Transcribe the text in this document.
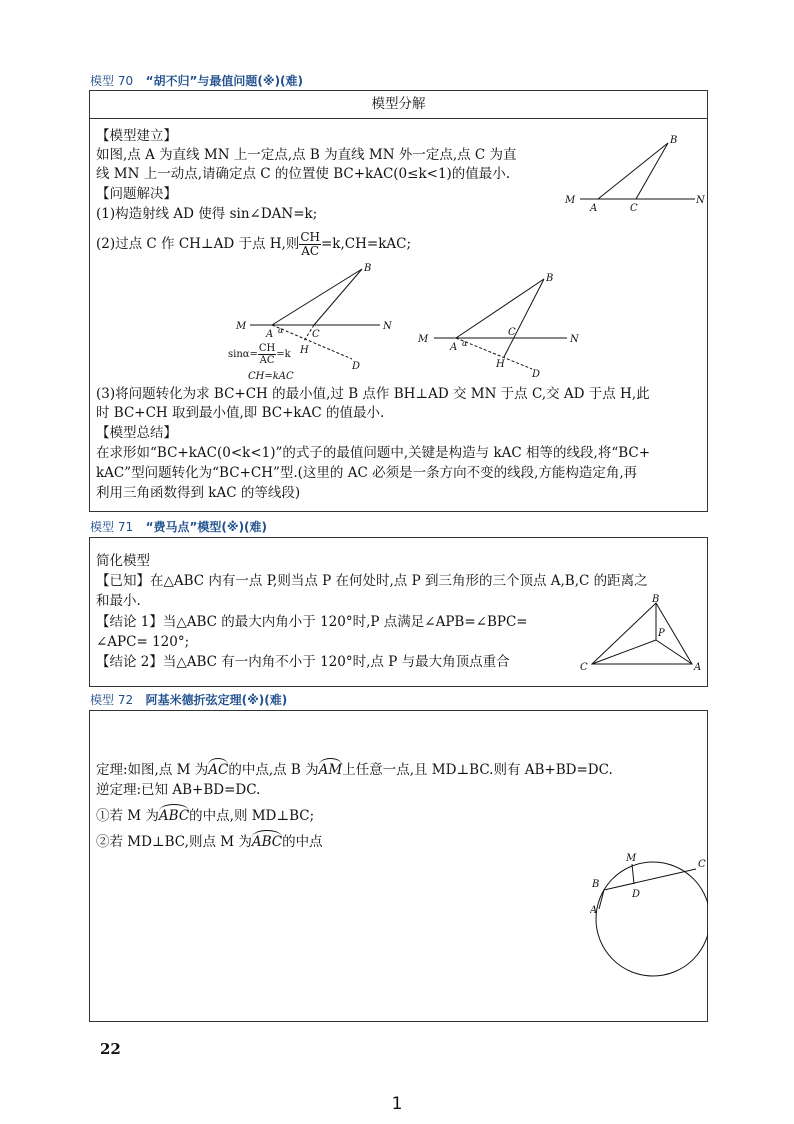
模型 70 “胡不归”与最值问题(※)(难)
模型分解
【模型建立】
如图,点 A 为直线 MN 上一定点,点 B 为直线 MN 外一定点,点 C 为直
线 MN 上一动点,请确定点 C 的位置使 BC+kAC(0≤k<1)的值最小.
【问题解决】
(1)构造射线 AD 使得 sin∠DAN=k;
(2)过点 C 作 CH⊥AD 于点 H,则 $\frac{CH}{AC} =k,CH=kAC$;
M	N
A	C
B
M	N
A α	C
H
D
B
$\sin\alpha= \frac{CH}{AC} =k$
CH=kAC
M	N
A α
C
H
D
B
(3)将问题转化为求 BC+CH 的最小值,过 B 点作 BH⊥AD 交 MN 于点 C,交 AD 于点 H,此
时 BC+CH 取到最小值,即 BC+kAC 的值最小.
【模型总结】
在求形如“BC+kAC(0<k<1)”的式子的最值问题中,关键是构造与 kAC 相等的线段,将“BC+
kAC”型问题转化为“BC+CH”型.(这里的 AC 必须是一条方向不变的线段,方能构造定角,再
利用三角函数得到 kAC 的等线段)
模型 71 “费马点”模型(※)(难)
简化模型
【已知】在△ABC 内有一点 P,则当点 P 在何处时,点 P 到三角形的三个顶点 A,B,C 的距离之
和最小.
【结论 1】当△ABC 的最大内角小于 120°时,P 点满足∠APB=∠BPC=
∠APC= 120°;
【结论 2】当△ABC 有一内角不小于 120°时,点 P 与最大角顶点重合
B
P
C	A
模型 72 阿基米德折弦定理(※)(难)
定理:如图,点 M 为AC的中点,点 B 为AM上任意一点,且 MD⊥BC.则有 AB+BD=DC.
逆定理:已知 AB+BD=DC.
①若 M 为ABC的中点,则 MD⊥BC;
②若 MD⊥BC,则点 M 为ABC的中点
M
C
B
D
A
22
1
